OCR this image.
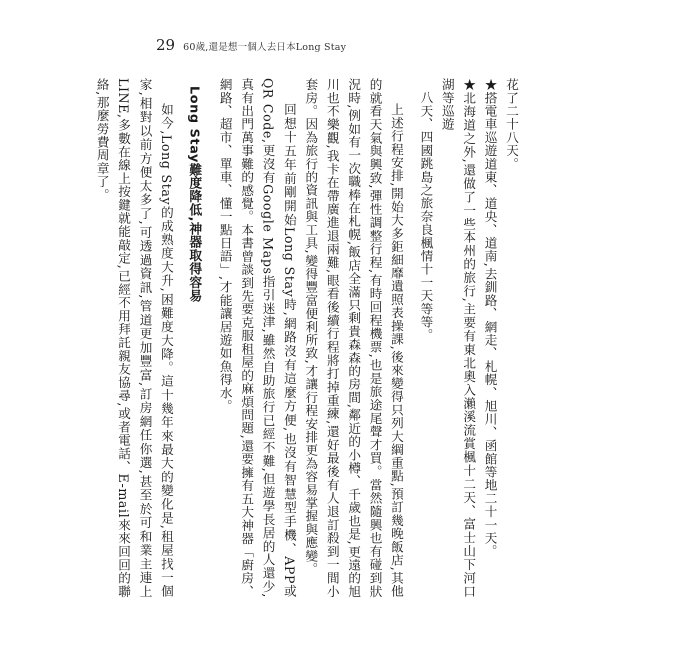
29 60歲,還是想一個人去日本Long Stay

花了二十八天。

★搭電車巡遊道東、道央、道南,去釧路、網走、札幌、旭川、函館等地二十一天。

★北海道之外,還做了一些本州的旅行,主要有東北奧入瀨溪流賞楓十二天、富士山下河口湖等巡遊

八天、四國跳島之旅奈良楓情十一天等等。

上述行程安排,開始大多鉅細靡遺照表操課,後來變得只列大綱重點,預訂幾晚飯店,其他的就看天氣與興致,彈性調整行程,有時回程機票,也是旅途尾聲才買。當然隨興也有碰到狀況時,例如有一次職棒在札幌,飯店全滿只剩貴森森的房間,鄰近的小樽、千歲也是,更遠的旭川也不樂觀,我卡在帶廣進退兩難,眼看後續行程將打掉重練,還好最後有人退訂殺到一間小套房。因為旅行的資訊與工具,變得豐富便利所致,才讓行程安排更為容易掌握與應變。

回想十五年前剛開始Long Stay時,網路沒有這麼方便,也沒有智慧型手機、APP或QR Code,更沒有Google Maps指引迷津,雖然自助旅行已經不難,但遊學長居的人還少,真有出門萬事難的感覺。本書曾談到先要克服租屋的麻煩問題,還要擁有五大神器「廚房、網路、超市、單車、懂一點日語」,才能讓居遊如魚得水。

Long Stay難度降低,神器取得容易

如今,Long Stay的成熟度大升,困難度大降。這十幾年來最大的變化是,租屋找一個家,相對以前方便太多了,可透過資訊,管道更加豐富,訂房網任你選,甚至於可和業主連上LINE,多數在線上按鍵就能敲定,已經不用拜託親友協尋,或者電話、E-mail來來回回的聯絡,那麼勞費周章了。
